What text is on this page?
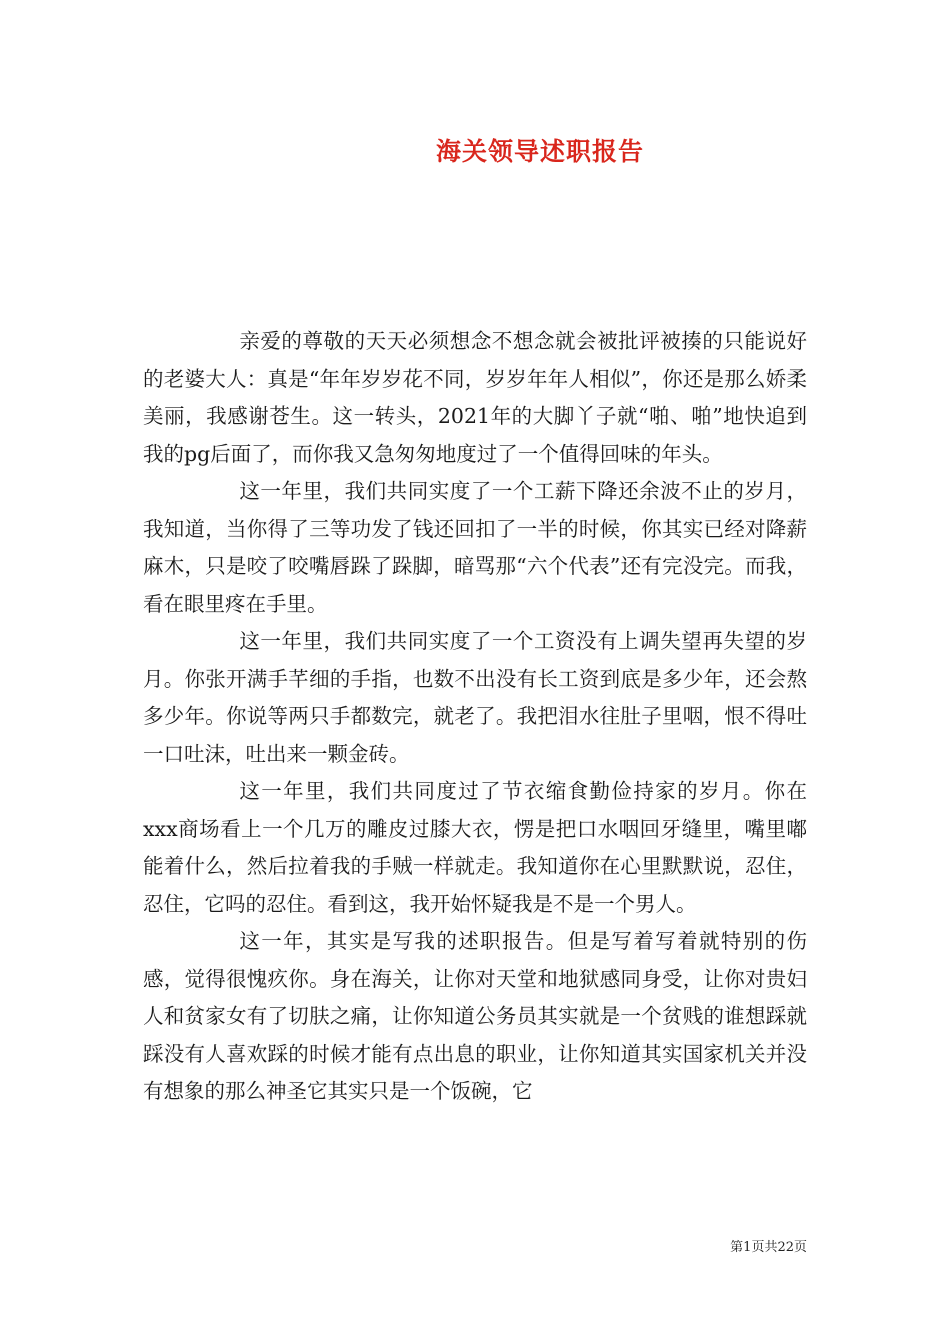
海关领导述职报告

亲爱的尊敬的天天必须想念不想念就会被批评被揍的只能说好的老婆大人：真是“年年岁岁花不同，岁岁年年人相似”，你还是那么娇柔美丽，我感谢苍生。这一转头，2021年的大脚丫子就“啪、啪”地快追到我的pg后面了，而你我又急匆匆地度过了一个值得回味的年头。

这一年里，我们共同实度了一个工薪下降还余波不止的岁月，我知道，当你得了三等功发了钱还回扣了一半的时候，你其实已经对降薪麻木，只是咬了咬嘴唇跺了跺脚，暗骂那“六个代表”还有完没完。而我，看在眼里疼在手里。

这一年里，我们共同实度了一个工资没有上调失望再失望的岁月。你张开满手芊细的手指，也数不出没有长工资到底是多少年，还会熬多少年。你说等两只手都数完，就老了。我把泪水往肚子里咽，恨不得吐一口吐沫，吐出来一颗金砖。

这一年里，我们共同度过了节衣缩食勤俭持家的岁月。你在xxx商场看上一个几万的雕皮过膝大衣，愣是把口水咽回牙缝里，嘴里嘟能着什么，然后拉着我的手贼一样就走。我知道你在心里默默说，忍住，忍住，它吗的忍住。看到这，我开始怀疑我是不是一个男人。

这一年，其实是写我的述职报告。但是写着写着就特别的伤感，觉得很愧疚你。身在海关，让你对天堂和地狱感同身受，让你对贵妇人和贫家女有了切肤之痛，让你知道公务员其实就是一个贫贱的谁想踩就踩没有人喜欢踩的时候才能有点出息的职业，让你知道其实国家机关并没有想象的那么神圣它其实只是一个饭碗，它

第1页共22页
